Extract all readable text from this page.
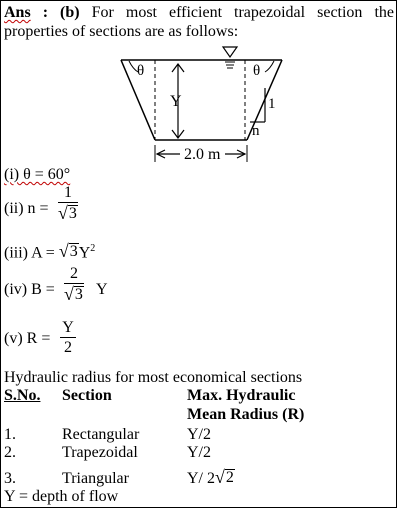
Ans : (b) For most efficient trapezoidal section the
properties of sections are as follows:
θ	θ
Y	1
n
2.0 m
(i) θ = 60°
(ii) n =
1
√ 3
(iii) A = √ 3 $Y^2$
(iv) B =
2
√ 3 Y
(v) R =
Y
2
Hydraulic radius for most economical sections
S.No. Section	Max. Hydraulic
Mean Radius (R)
1.	Rectangular	Y/2
2.	Trapezoidal	Y/2
3.	Triangular	Y/ 2 √ 2
Y = depth of flow
